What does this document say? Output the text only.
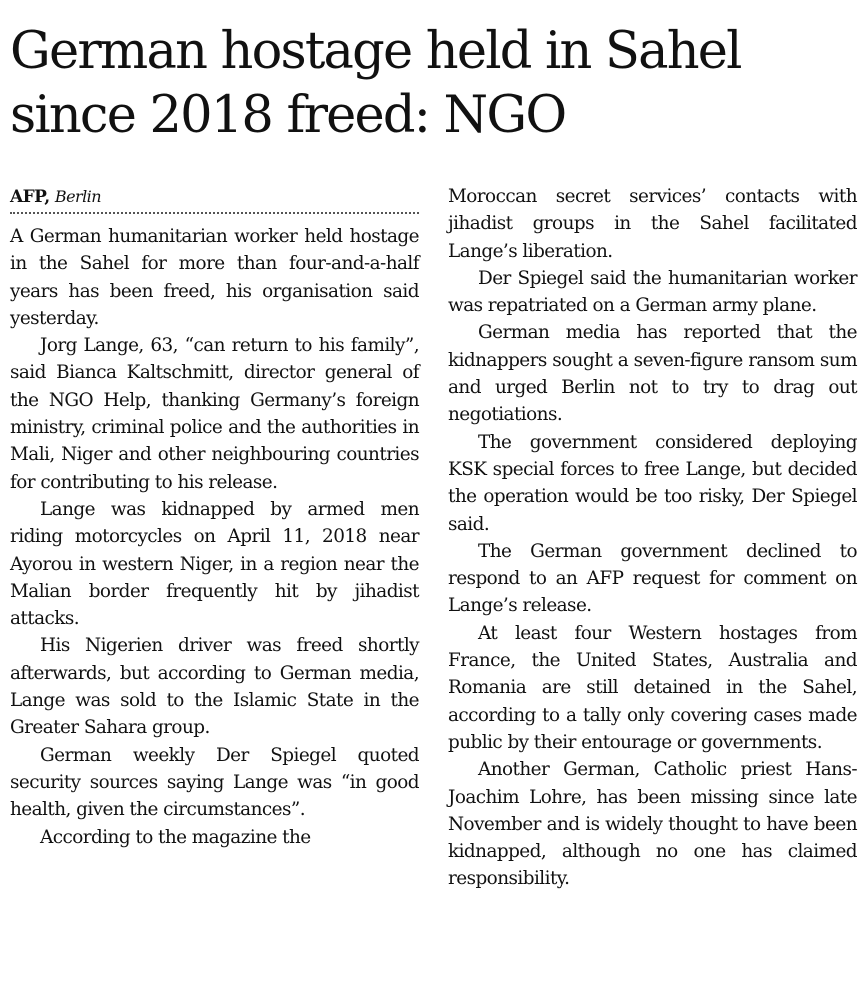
German hostage held in Sahel since 2018 freed: NGO
AFP, Berlin

A German humanitarian worker held hostage in the Sahel for more than four-and-a-half years has been freed, his organisation said yesterday.

Jorg Lange, 63, “can return to his family”, said Bianca Kaltschmitt, director general of the NGO Help, thanking Germany’s foreign ministry, criminal police and the authorities in Mali, Niger and other neighbouring countries for contributing to his release.

Lange was kidnapped by armed men riding motorcycles on April 11, 2018 near Ayorou in western Niger, in a region near the Malian border frequently hit by jihadist attacks.

His Nigerien driver was freed shortly afterwards, but according to German media, Lange was sold to the Islamic State in the Greater Sahara group.

German weekly Der Spiegel quoted security sources saying Lange was “in good health, given the circumstances”.

According to the magazine the

Moroccan secret services’ contacts with jihadist groups in the Sahel facilitated Lange’s liberation.

Der Spiegel said the humanitarian worker was repatriated on a German army plane.

German media has reported that the kidnappers sought a seven-figure ransom sum and urged Berlin not to try to drag out negotiations.

The government considered deploying KSK special forces to free Lange, but decided the operation would be too risky, Der Spiegel said.

The German government declined to respond to an AFP request for comment on Lange’s release.

At least four Western hostages from France, the United States, Australia and Romania are still detained in the Sahel, according to a tally only covering cases made public by their entourage or governments.

Another German, Catholic priest Hans-Joachim Lohre, has been missing since late November and is widely thought to have been kidnapped, although no one has claimed responsibility.
